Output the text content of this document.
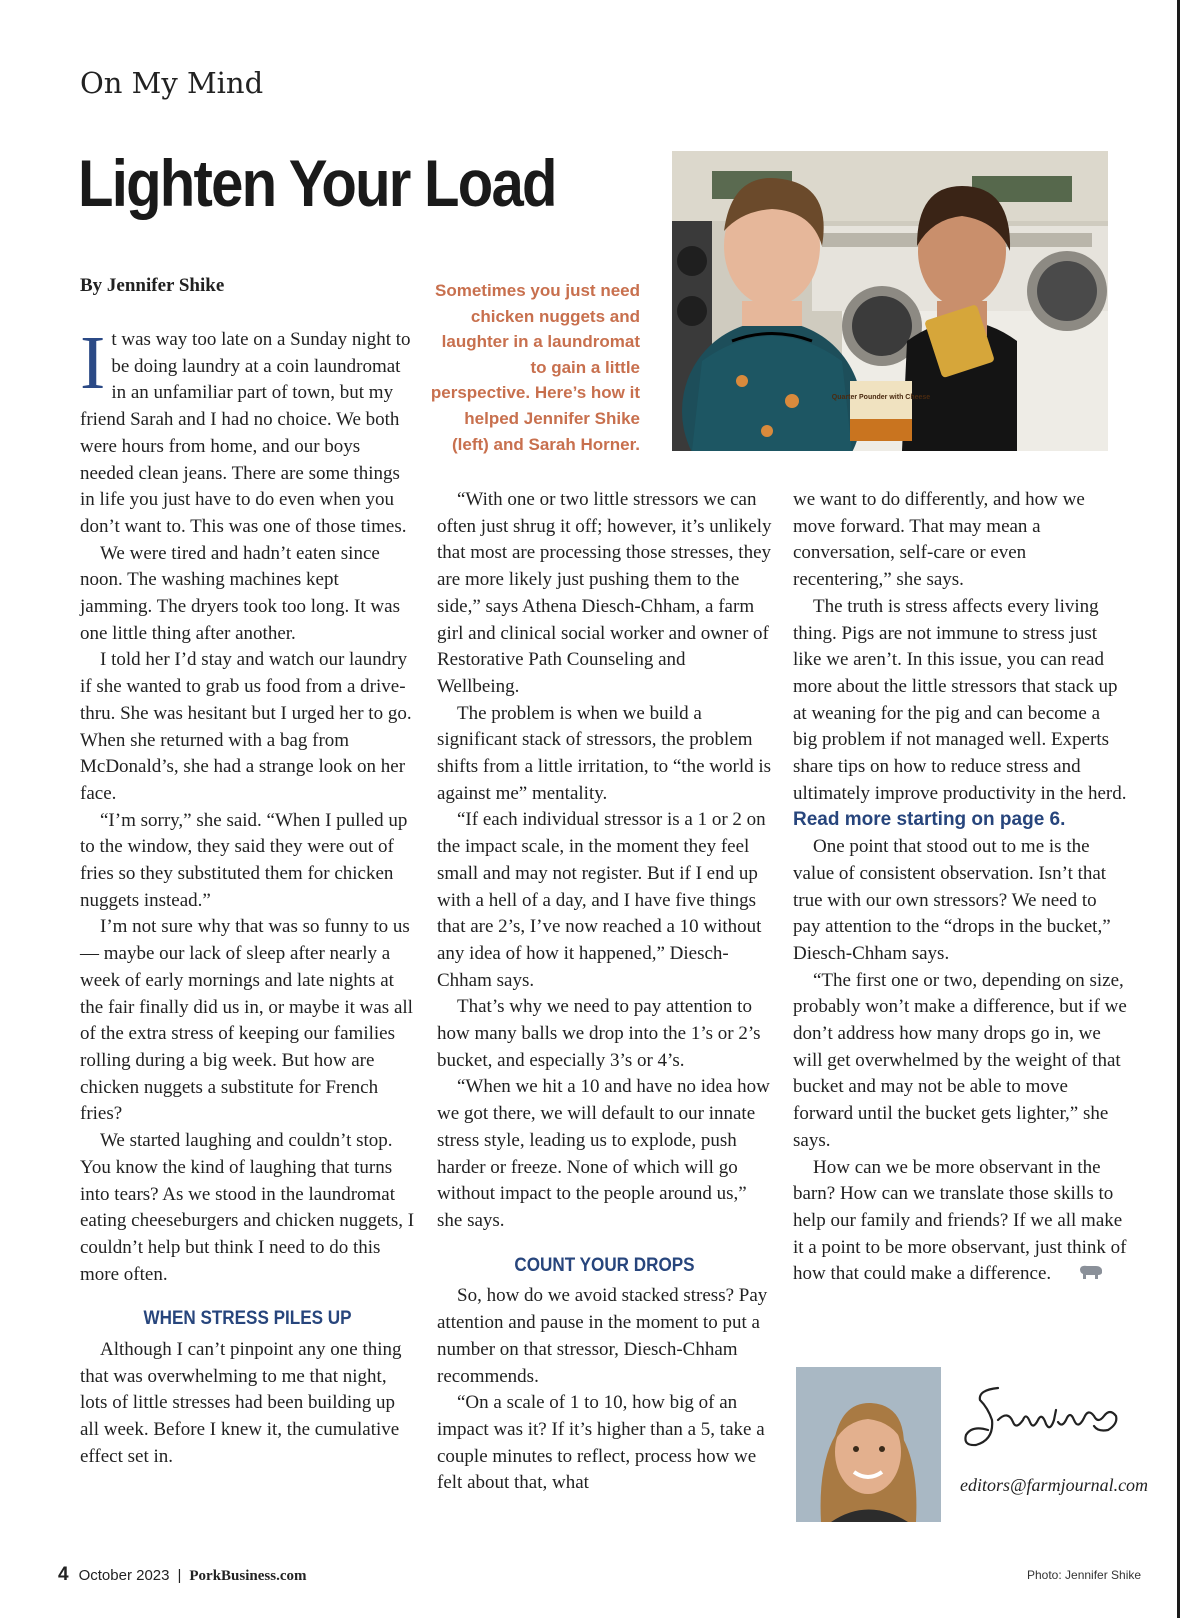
On My Mind
Lighten Your Load
By Jennifer Shike	Sometimes you just need chicken nuggets and laughter in a laundromat to gain a little perspective. Here’s how it helped Jennifer Shike (left) and Sarah Horner.
Quarter Pounder with Cheese

It was way too late on a Sunday night to be doing laundry at a coin laundromat in an unfamiliar part of town, but my friend Sarah and I had no choice. We both were hours from home, and our boys needed clean jeans. There are some things in life you just have to do even when you don’t want to. This was one of those times.

We were tired and hadn’t eaten since noon. The washing machines kept jamming. The dryers took too long. It was one little thing after another.

I told her I’d stay and watch our laundry if she wanted to grab us food from a drive-thru. She was hesitant but I urged her to go. When she returned with a bag from McDonald’s, she had a strange look on her face.

“I’m sorry,” she said. “When I pulled up to the window, they said they were out of fries so they substituted them for chicken nuggets instead.”

I’m not sure why that was so funny to us — maybe our lack of sleep after nearly a week of early mornings and late nights at the fair finally did us in, or maybe it was all of the extra stress of keeping our families rolling during a big week. But how are chicken nuggets a substitute for French fries?

We started laughing and couldn’t stop. You know the kind of laughing that turns into tears? As we stood in the laundromat eating cheeseburgers and chicken nuggets, I couldn’t help but think I need to do this more often.

WHEN STRESS PILES UP

Although I can’t pinpoint any one thing that was overwhelming to me that night, lots of little stresses had been building up all week. Before I knew it, the cumulative effect set in.

“With one or two little stressors we can often just shrug it off; however, it’s unlikely that most are processing those stresses, they are more likely just pushing them to the side,” says Athena Diesch-Chham, a farm girl and clinical social worker and owner of Restorative Path Counseling and Wellbeing.

The problem is when we build a significant stack of stressors, the problem shifts from a little irritation, to “the world is against me” mentality.

“If each individual stressor is a 1 or 2 on the impact scale, in the moment they feel small and may not register. But if I end up with a hell of a day, and I have five things that are 2’s, I’ve now reached a 10 without any idea of how it happened,” Diesch-Chham says.

That’s why we need to pay attention to how many balls we drop into the 1’s or 2’s bucket, and especially 3’s or 4’s.

“When we hit a 10 and have no idea how we got there, we will default to our innate stress style, leading us to explode, push harder or freeze. None of which will go without impact to the people around us,” she says.

COUNT YOUR DROPS

So, how do we avoid stacked stress? Pay attention and pause in the moment to put a number on that stressor, Diesch-Chham recommends.

“On a scale of 1 to 10, how big of an impact was it? If it’s higher than a 5, take a couple minutes to reflect, process how we felt about that, what

we want to do differently, and how we move forward. That may mean a conversation, self-care or even recentering,” she says.

The truth is stress affects every living thing. Pigs are not immune to stress just like we aren’t. In this issue, you can read more about the little stressors that stack up at weaning for the pig and can become a big problem if not managed well. Experts share tips on how to reduce stress and ultimately improve productivity in the herd.

Read more starting on page 6.

One point that stood out to me is the value of consistent observation. Isn’t that true with our own stressors? We need to pay attention to the “drops in the bucket,” Diesch-Chham says.

“The first one or two, depending on size, probably won’t make a difference, but if we don’t address how many drops go in, we will get overwhelmed by the weight of that bucket and may not be able to move forward until the bucket gets lighter,” she says.

How can we be more observant in the barn? How can we translate those skills to help our family and friends? If we all make it a point to be more observant, just think of how that could make a difference.

editors@farmjournal.com
4 October 2023 | PorkBusiness.com	Photo: Jennifer Shike
